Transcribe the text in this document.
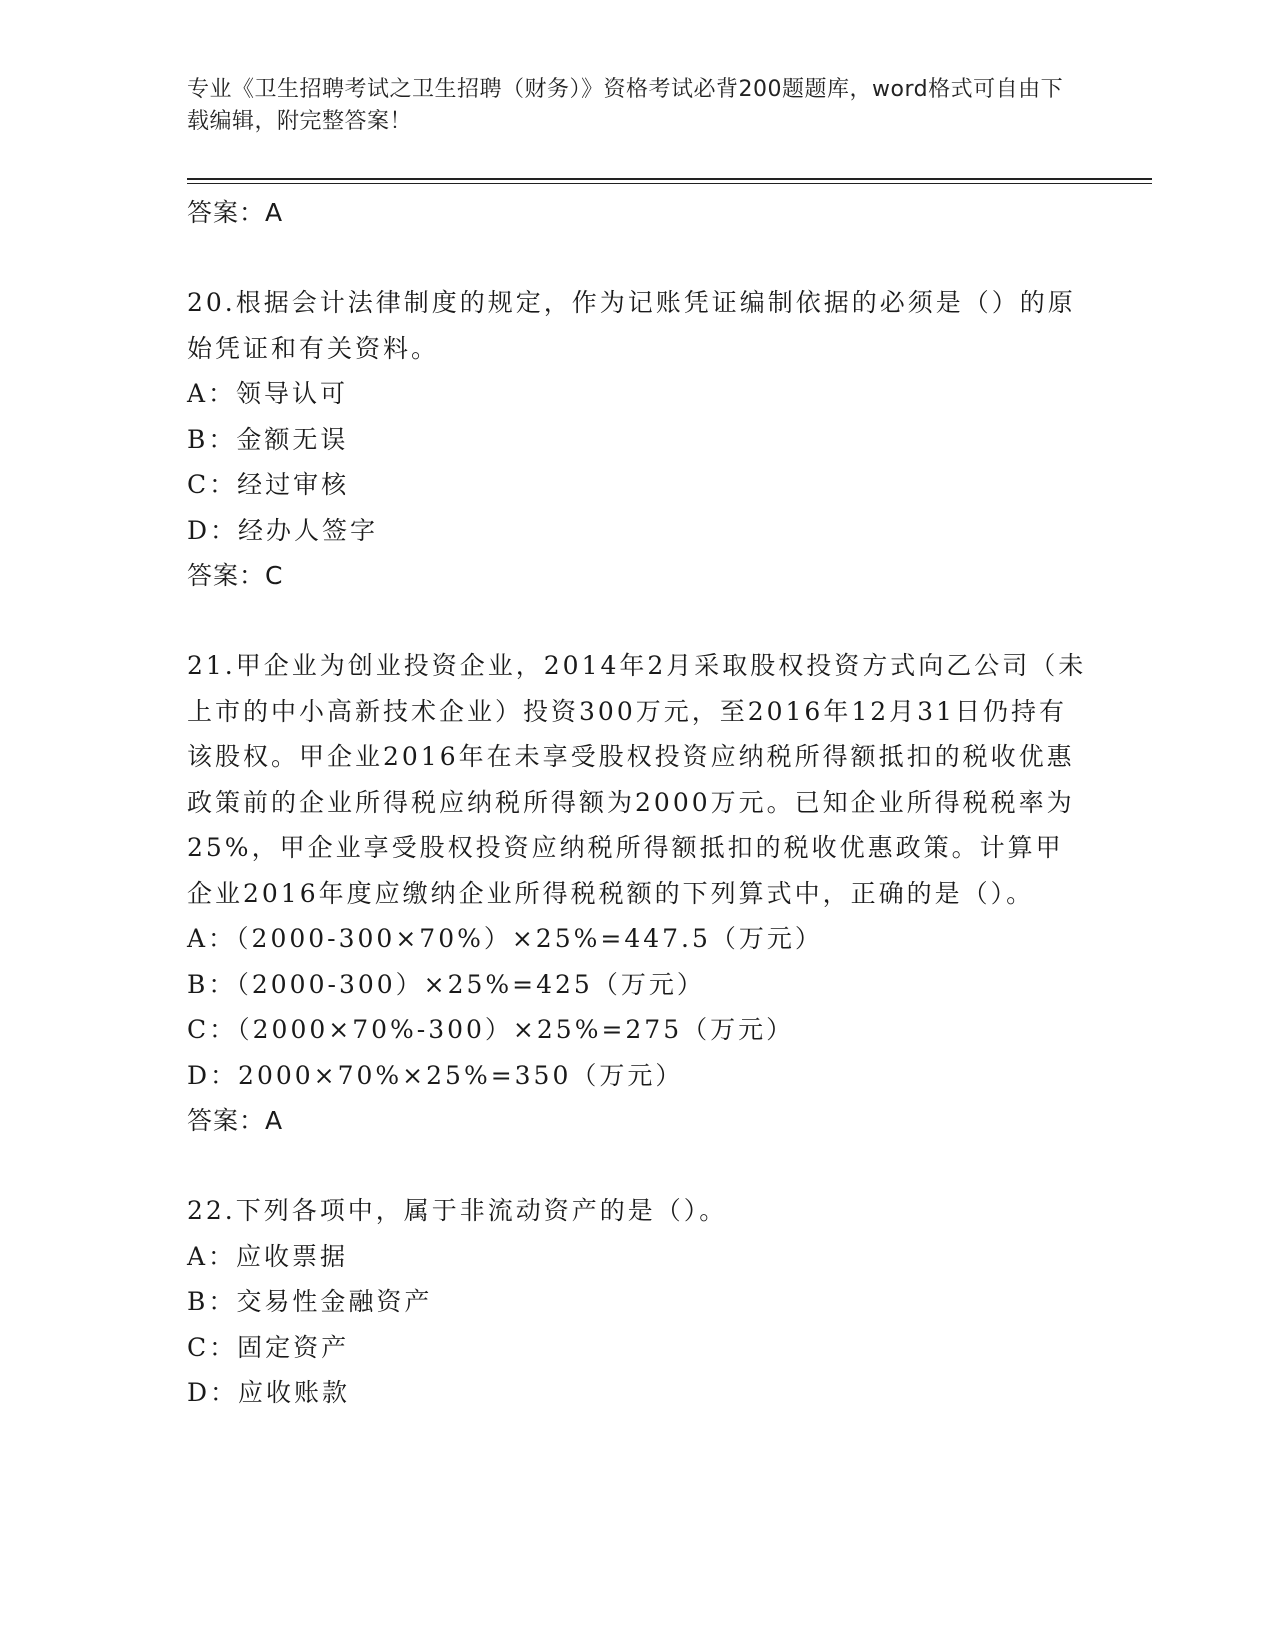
专业《卫生招聘考试之卫生招聘（财务）》资格考试必背200题题库，word格式可自由下载编辑，附完整答案！

答案：A

20.根据会计法律制度的规定，作为记账凭证编制依据的必须是（）的原始凭证和有关资料。

A：领导认可

B：金额无误

C：经过审核

D：经办人签字

答案：C

21.甲企业为创业投资企业，2014年2月采取股权投资方式向乙公司（未上市的中小高新技术企业）投资300万元，至2016年12月31日仍持有该股权。甲企业2016年在未享受股权投资应纳税所得额抵扣的税收优惠政策前的企业所得税应纳税所得额为2000万元。已知企业所得税税率为25%，甲企业享受股权投资应纳税所得额抵扣的税收优惠政策。计算甲企业2016年度应缴纳企业所得税税额的下列算式中，正确的是（）。

A：（2000-300×70%）×25%=447.5（万元）

B：（2000-300）×25%=425（万元）

C：（2000×70%-300）×25%=275（万元）

D：2000×70%×25%=350（万元）

答案：A

22.下列各项中，属于非流动资产的是（）。

A：应收票据

B：交易性金融资产

C：固定资产

D：应收账款
